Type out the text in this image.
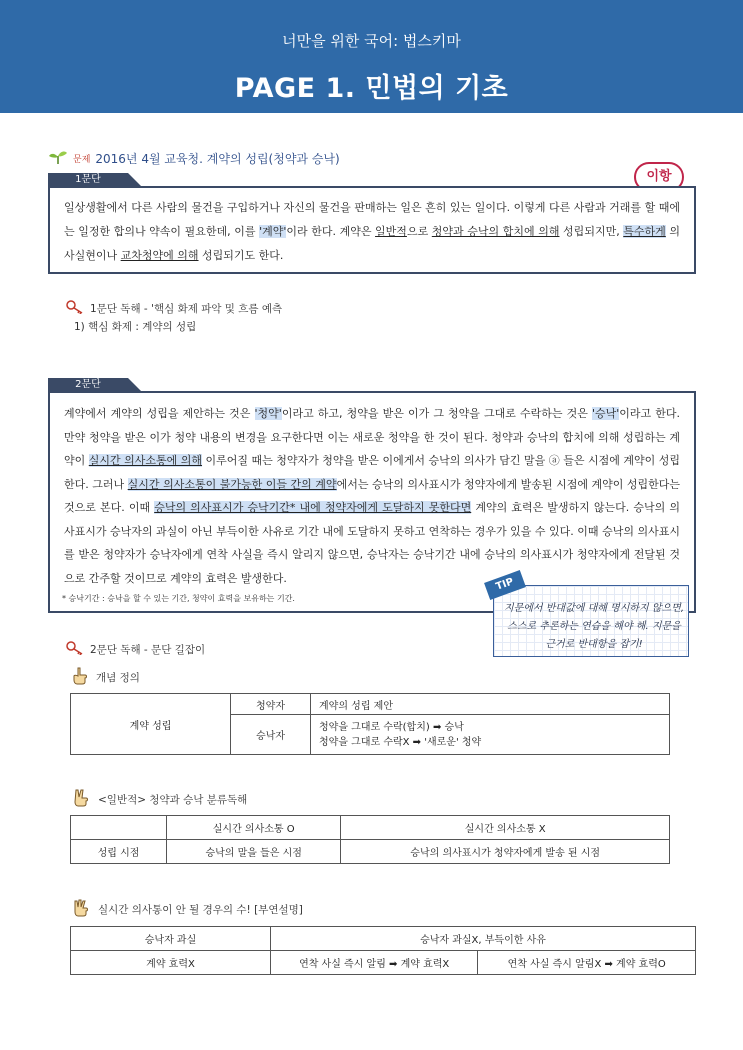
너만을 위한 국어: 법스키마
PAGE 1. 민법의 기초
문제 2016년 4월 교육청. 계약의 성립(청약과 승낙)
이항
1문단

일상생활에서 다른 사람의 물건을 구입하거나 자신의 물건을 판매하는 일은 흔히 있는 일이다. 이렇게 다른 사람과 거래를 할 때에는 일정한 합의나 약속이 필요한데, 이를 '계약'이라 한다. 계약은 일반적으로 청약과 승낙의 합치에 의해 성립되지만, 특수하게 의사실현이나 교차청약에 의해 성립되기도 한다.

1문단 독해 - '핵심 화제 파악 및 흐름 예측
1) 핵심 화제 : 계약의 성립
2문단

계약에서 계약의 성립을 제안하는 것은 '청약'이라고 하고, 청약을 받은 이가 그 청약을 그대로 수락하는 것은 '승낙'이라고 한다. 만약 청약을 받은 이가 청약 내용의 변경을 요구한다면 이는 새로운 청약을 한 것이 된다. 청약과 승낙의 합치에 의해 성립하는 계약이 실시간 의사소통에 의해 이루어질 때는 청약자가 청약을 받은 이에게서 승낙의 의사가 담긴 말을 ⓐ 들은 시점에 계약이 성립한다. 그러나 실시간 의사소통이 불가능한 이들 간의 계약에서는 승낙의 의사표시가 청약자에게 발송된 시점에 계약이 성립한다는 것으로 본다. 이때 승낙의 의사표시가 승낙기간* 내에 청약자에게 도달하지 못한다면 계약의 효력은 발생하지 않는다. 승낙의 의사표시가 승낙자의 과실이 아닌 부득이한 사유로 기간 내에 도달하지 못하고 연착하는 경우가 있을 수 있다. 이때 승낙의 의사표시를 받은 청약자가 승낙자에게 연착 사실을 즉시 알리지 않으면, 승낙자는 승낙기간 내에 승낙의 의사표시가 청약자에게 전달된 것으로 간주할 것이므로 계약의 효력은 발생한다.

* 승낙기간 : 승낙을 할 수 있는 기간, 청약이 효력을 보유하는 기간.
지문에서 반대값에 대해 명시하지 않으면, 스스로 추론하는 연습을 해야 해. 지문을 근거로 반대항을 잡기!
TIP
2문단 독해 - 문단 길잡이
개념 정의
계약 성립	청약자	계약의 성립 제안
	승낙자	청약을 그대로 수락(합치) ➡ 승낙
청약을 그대로 수락X ➡ '새로운' 청약
<일반적> 청약과 승낙 분류독해
	실시간 의사소통 O	실시간 의사소통 X
성립 시점	승낙의 말을 들은 시점	승낙의 의사표시가 청약자에게 발송 된 시점
실시간 의사통이 안 될 경우의 수! [부연설명]
승낙자 과실	승낙자 과실X, 부득이한 사유	
계약 효력X	연착 사실 즉시 알림 ➡ 계약 효력X	연착 사실 즉시 알림X ➡ 계약 효력O
